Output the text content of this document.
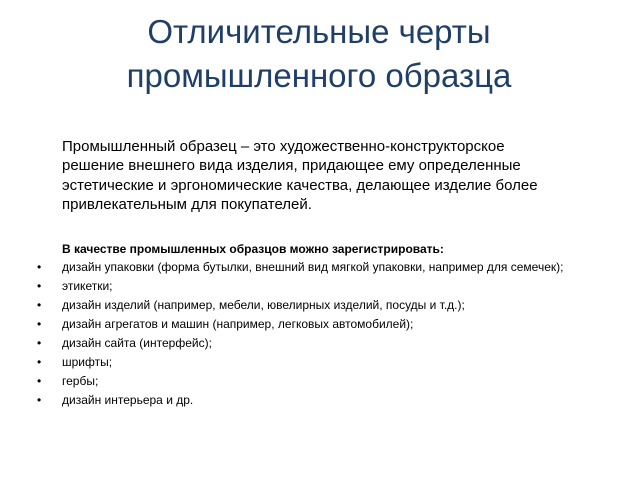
Отличительные черты
промышленного образца
Промышленный образец – это художественно-конструкторское
решение внешнего вида изделия, придающее ему определенные
эстетические и эргономические качества, делающее изделие более
привлекательным для покупателей.
В качестве промышленных образцов можно зарегистрировать:
• дизайн упаковки (форма бутылки, внешний вид мягкой упаковки, например для семечек);
• этикетки;
• дизайн изделий (например, мебели, ювелирных изделий, посуды и т.д.);
• дизайн агрегатов и машин (например, легковых автомобилей);
• дизайн сайта (интерфейс);
• шрифты;
• гербы;
• дизайн интерьера и др.
